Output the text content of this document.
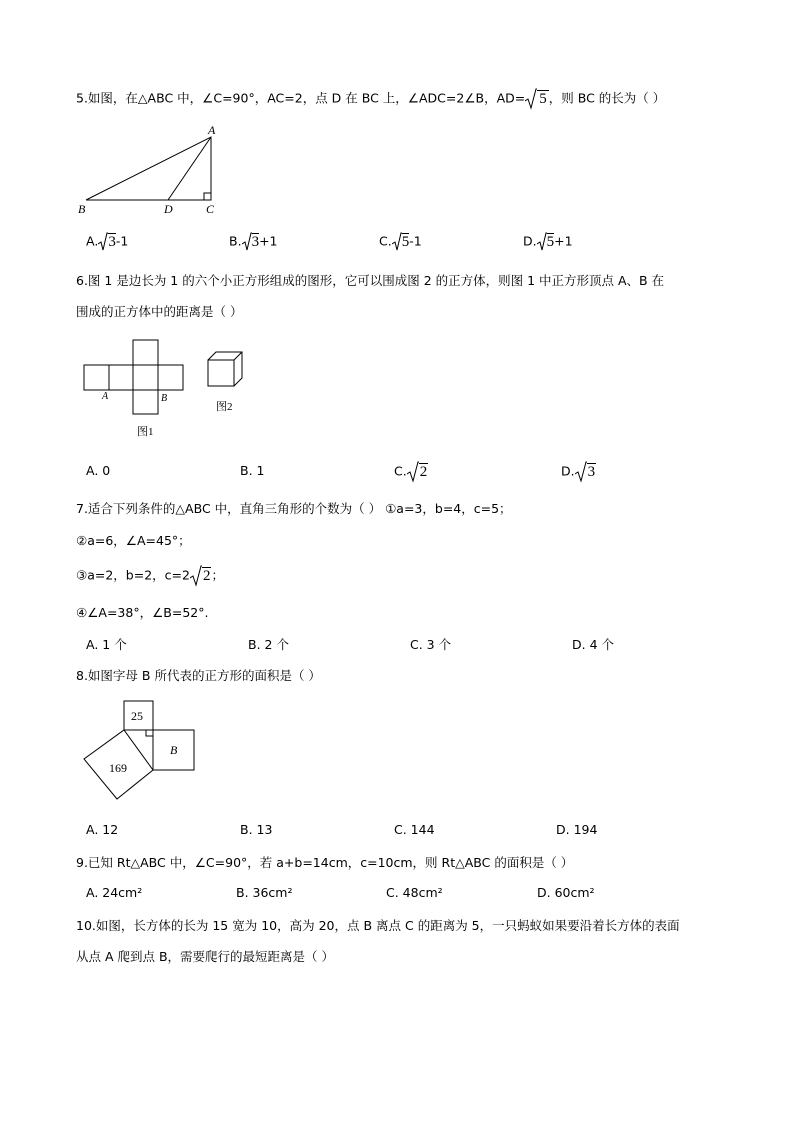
5.如图，在△ABC 中，∠C=90°，AC=2，点 D 在 BC 上，∠ADC=2∠B，AD= 5 ，则 BC 的长为（ ）
A
B	D	C
A. 3-1	B. 3+1	C. 5-1	D. 5+1
6.图 1 是边长为 1 的六个小正方形组成的图形，它可以围成图 2 的正方体，则图 1 中正方形顶点 A、B 在
围成的正方体中的距离是（ ）
A	B
图1
图2
A. 0	B. 1	C. 2	D. 3
7.适合下列条件的△ABC 中，直角三角形的个数为（ ） ①a=3，b=4，c=5；
②a=6，∠A=45°；
③a=2，b=2，c=2 2；
④∠A=38°，∠B=52°.
A. 1 个	B. 2 个	C. 3 个	D. 4 个
8.如图字母 B 所代表的正方形的面积是（ ）
25
169
B
A. 12	B. 13	C. 144	D. 194
9.已知 Rt△ABC 中，∠C=90°，若 a+b=14cm，c=10cm，则 Rt△ABC 的面积是（ ）
A. 24cm²	B. 36cm²	C. 48cm²	D. 60cm²
10.如图，长方体的长为 15 宽为 10，高为 20，点 B 离点 C 的距离为 5，一只蚂蚁如果要沿着长方体的表面
从点 A 爬到点 B，需要爬行的最短距离是（ ）
